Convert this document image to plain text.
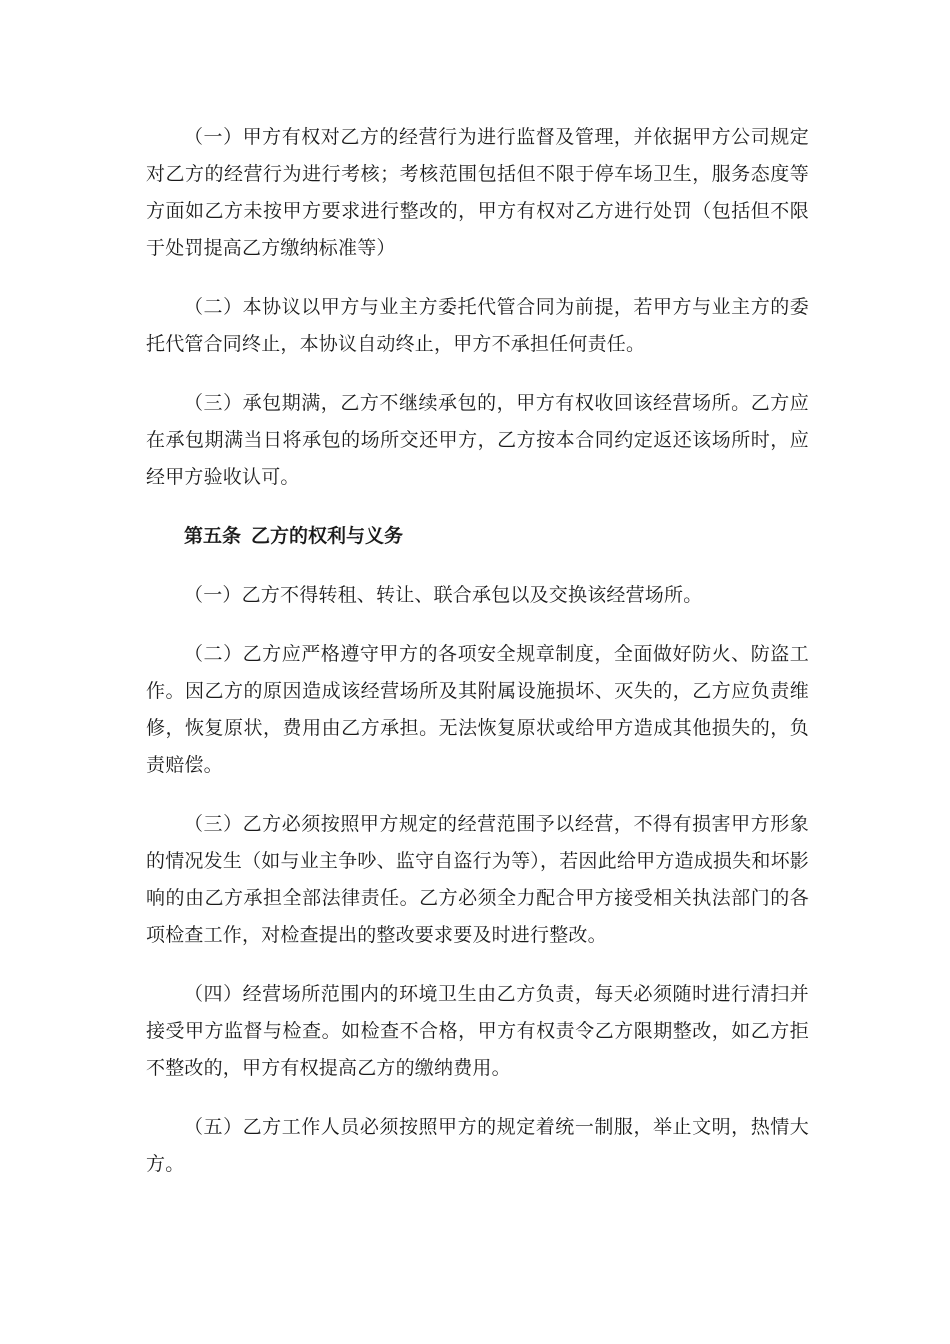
（一）甲方有权对乙方的经营行为进行监督及管理，并依据甲方公司规定对乙方的经营行为进行考核；考核范围包括但不限于停车场卫生，服务态度等方面如乙方未按甲方要求进行整改的，甲方有权对乙方进行处罚（包括但不限于处罚提高乙方缴纳标准等）

（二）本协议以甲方与业主方委托代管合同为前提，若甲方与业主方的委托代管合同终止，本协议自动终止，甲方不承担任何责任。

（三）承包期满，乙方不继续承包的，甲方有权收回该经营场所。乙方应在承包期满当日将承包的场所交还甲方，乙方按本合同约定返还该场所时，应经甲方验收认可。

第五条 乙方的权利与义务

（一）乙方不得转租、转让、联合承包以及交换该经营场所。

（二）乙方应严格遵守甲方的各项安全规章制度，全面做好防火、防盗工作。因乙方的原因造成该经营场所及其附属设施损坏、灭失的，乙方应负责维修，恢复原状，费用由乙方承担。无法恢复原状或给甲方造成其他损失的，负责赔偿。

（三）乙方必须按照甲方规定的经营范围予以经营，不得有损害甲方形象的情况发生（如与业主争吵、监守自盗行为等），若因此给甲方造成损失和坏影响的由乙方承担全部法律责任。乙方必须全力配合甲方接受相关执法部门的各项检查工作，对检查提出的整改要求要及时进行整改。

（四）经营场所范围内的环境卫生由乙方负责，每天必须随时进行清扫并接受甲方监督与检查。如检查不合格，甲方有权责令乙方限期整改，如乙方拒不整改的，甲方有权提高乙方的缴纳费用。

（五）乙方工作人员必须按照甲方的规定着统一制服，举止文明，热情大方。
